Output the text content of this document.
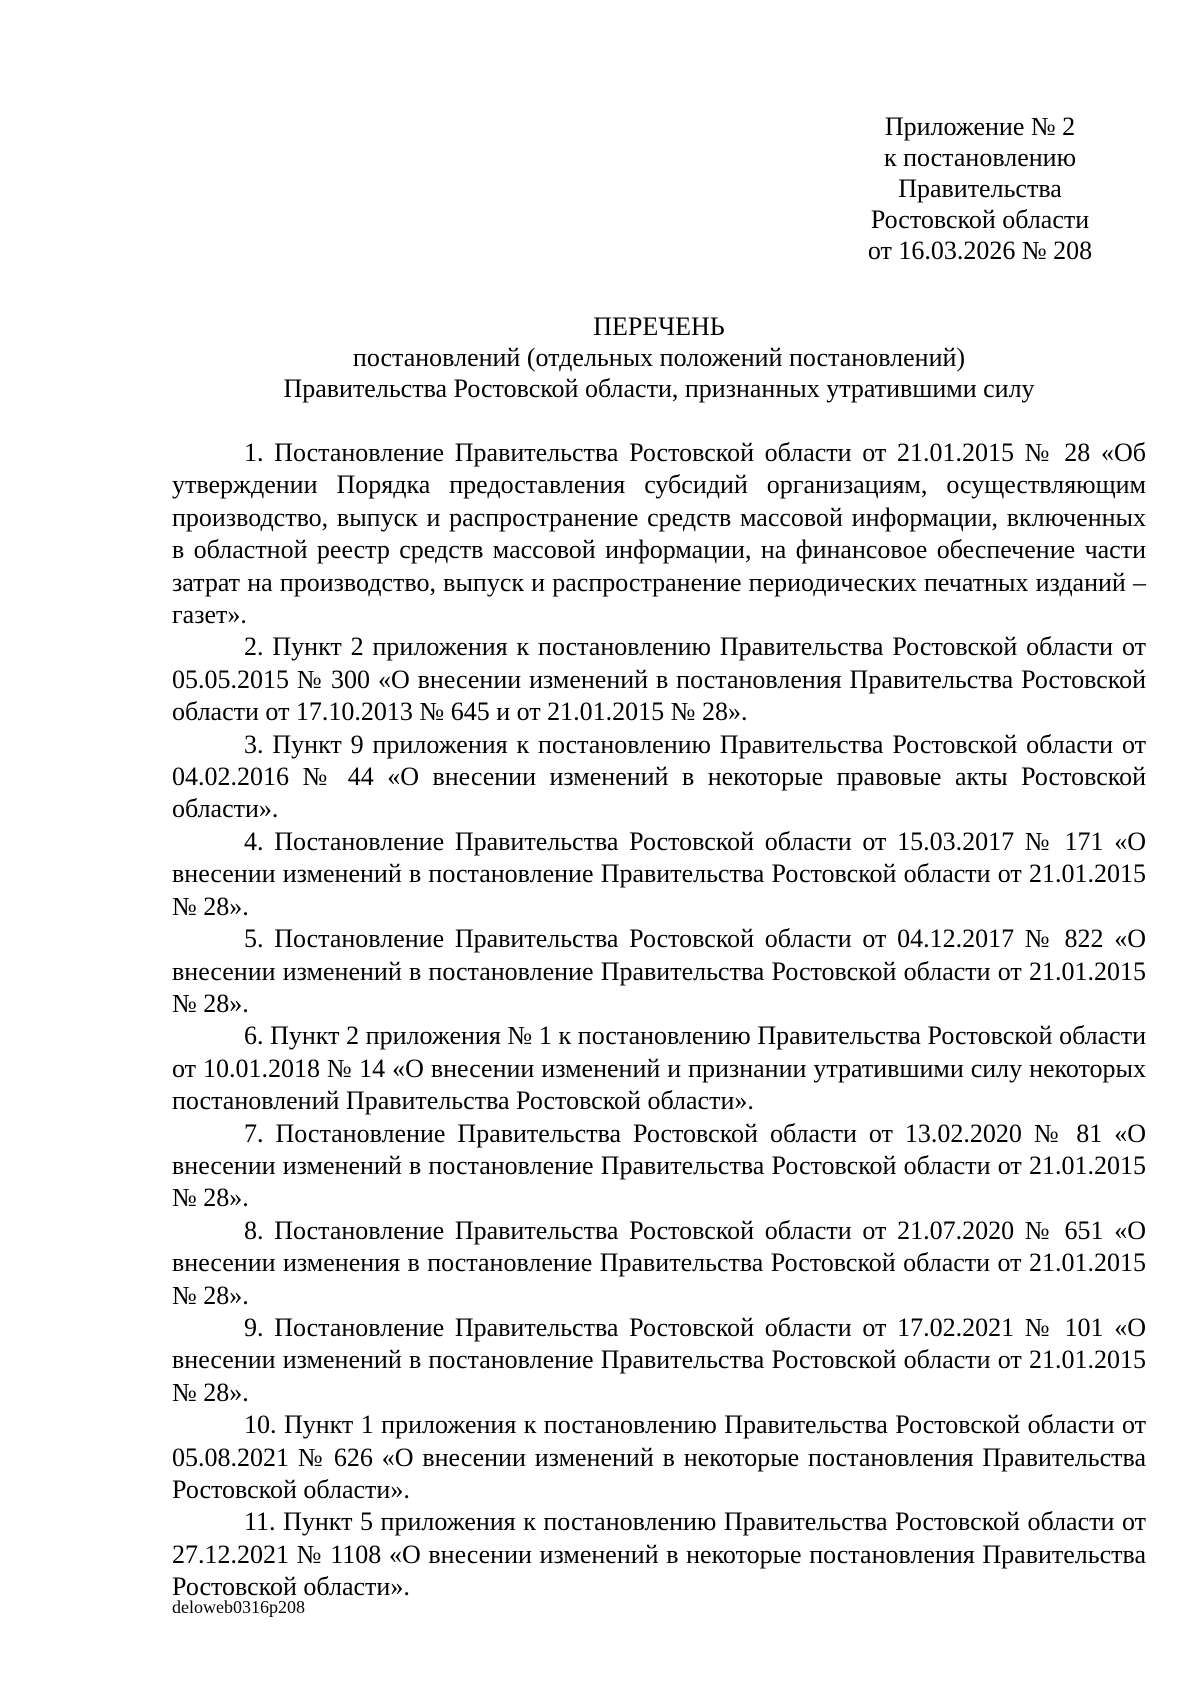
Приложение № 2
к постановлению
Правительства
Ростовской области
от 16.03.2026 № 208
ПЕРЕЧЕНЬ
постановлений (отдельных положений постановлений)
Правительства Ростовской области, признанных утратившими силу

1. Постановление Правительства Ростовской области от 21.01.2015 № 28 «Об утверждении Порядка предоставления субсидий организациям, осуществляющим производство, выпуск и распространение средств массовой информации, включенных в областной реестр средств массовой информации, на финансовое обеспечение части затрат на производство, выпуск и распространение периодических печатных изданий – газет».

2. Пункт 2 приложения к постановлению Правительства Ростовской области от 05.05.2015 № 300 «О внесении изменений в постановления Правительства Ростовской области от 17.10.2013 № 645 и от 21.01.2015 № 28».

3. Пункт 9 приложения к постановлению Правительства Ростовской области от 04.02.2016 № 44 «О внесении изменений в некоторые правовые акты Ростовской области».

4. Постановление Правительства Ростовской области от 15.03.2017 № 171 «О внесении изменений в постановление Правительства Ростовской области от 21.01.2015 № 28».

5. Постановление Правительства Ростовской области от 04.12.2017 № 822 «О внесении изменений в постановление Правительства Ростовской области от 21.01.2015 № 28».

6. Пункт 2 приложения № 1 к постановлению Правительства Ростовской области от 10.01.2018 № 14 «О внесении изменений и признании утратившими силу некоторых постановлений Правительства Ростовской области».

7. Постановление Правительства Ростовской области от 13.02.2020 № 81 «О внесении изменений в постановление Правительства Ростовской области от 21.01.2015 № 28».

8. Постановление Правительства Ростовской области от 21.07.2020 № 651 «О внесении изменения в постановление Правительства Ростовской области от 21.01.2015 № 28».

9. Постановление Правительства Ростовской области от 17.02.2021 № 101 «О внесении изменений в постановление Правительства Ростовской области от 21.01.2015 № 28».

10. Пункт 1 приложения к постановлению Правительства Ростовской области от 05.08.2021 № 626 «О внесении изменений в некоторые постановления Правительства Ростовской области».

11. Пункт 5 приложения к постановлению Правительства Ростовской области от 27.12.2021 № 1108 «О внесении изменений в некоторые постановления Правительства Ростовской области».

deloweb0316p208
